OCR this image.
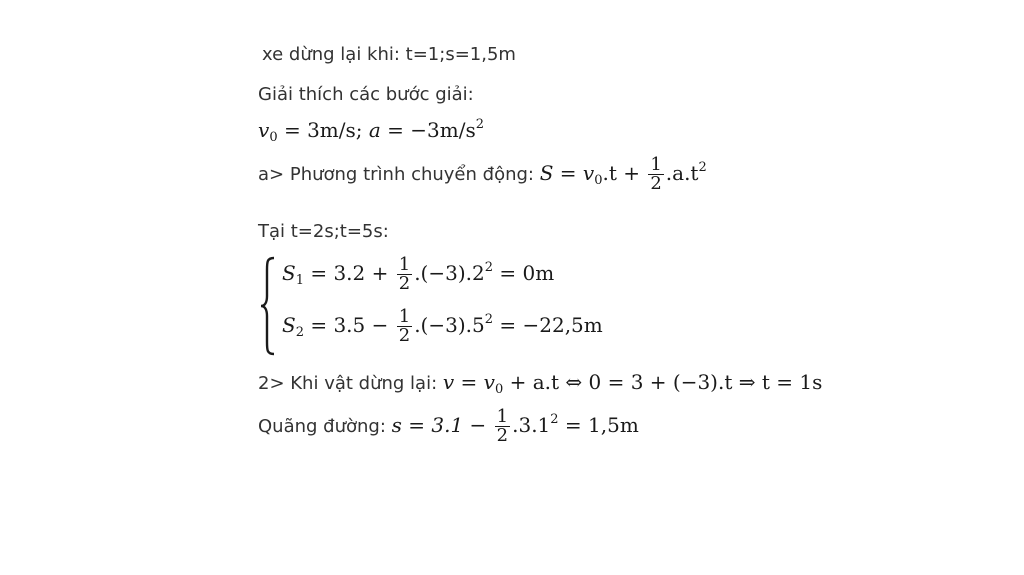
xe dừng lại khi: t=1;s=1,5m
Giải thích các bước giải:
$v_0 = 3m/s$; $a = -3m/s^2$
a> Phương trình chuyển động: $S = v_0.t + \frac{1}{2} .a.t^2$
Tại t=2s;t=5s:
$S_1 = 3.2 + \frac{1}{2} .(-3).2^2 = 0m$
$S_2 = 3.5 - \frac{1}{2} .(-3).5^2 = -22,5m$
2> Khi vật dừng lại: $v = v_0 + a.t$ ⇔ 0 = 3 + (−3).t ⇒ t = 1s
Quãng đường: $s = 3.1 - \frac{1}{2} .3.1^2 = 1,5m$
